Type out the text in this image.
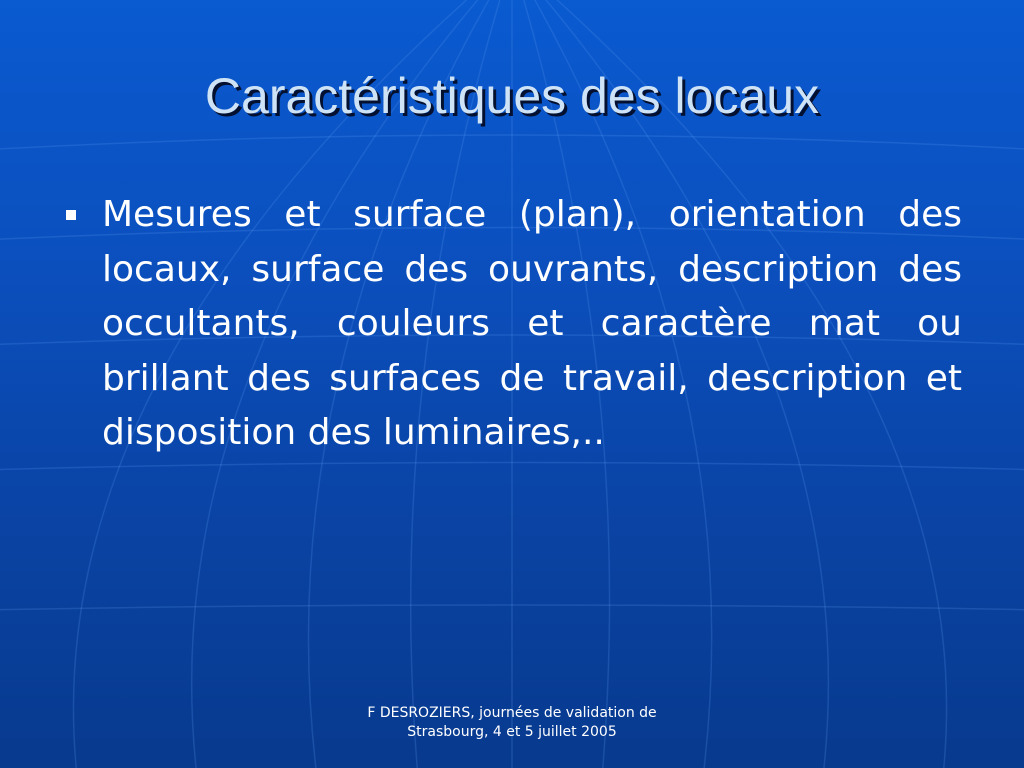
Caractéristiques des locaux
Mesures et surface (plan), orientation des locaux, surface des ouvrants, description des occultants, couleurs et caractère mat ou brillant des surfaces de travail, description et disposition des luminaires,..
F DESROZIERS, journées de validation de
Strasbourg, 4 et 5 juillet 2005
